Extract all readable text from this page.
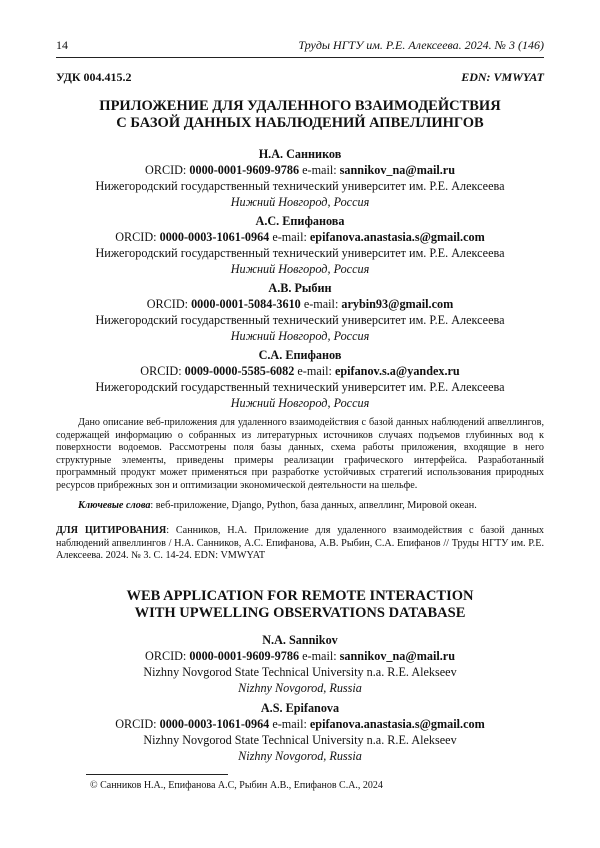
14	Труды НГТУ им. Р.Е. Алексеева. 2024. № 3 (146)
УДК 004.415.2	EDN: VMWYAT
ПРИЛОЖЕНИЕ ДЛЯ УДАЛЕННОГО ВЗАИМОДЕЙСТВИЯ
С БАЗОЙ ДАННЫХ НАБЛЮДЕНИЙ АПВЕЛЛИНГОВ
Н.А. Санников
ORCID: 0000-0001-9609-9786 e-mail: sannikov_na@mail.ru
Нижегородский государственный технический университет им. Р.Е. Алексеева
Нижний Новгород, Россия
А.С. Епифанова
ORCID: 0000-0003-1061-0964 e-mail: epifanova.anastasia.s@gmail.com
Нижегородский государственный технический университет им. Р.Е. Алексеева
Нижний Новгород, Россия
А.В. Рыбин
ORCID: 0000-0001-5084-3610 e-mail: arybin93@gmail.com
Нижегородский государственный технический университет им. Р.Е. Алексеева
Нижний Новгород, Россия
С.А. Епифанов
ORCID: 0009-0000-5585-6082 e-mail: epifanov.s.a@yandex.ru
Нижегородский государственный технический университет им. Р.Е. Алексеева
Нижний Новгород, Россия
Дано описание веб-приложения для удаленного взаимодействия с базой данных наблюдений апвеллингов, содержащей информацию о собранных из литературных источников случаях подъемов глубинных вод к поверхности водоемов. Рассмотрены поля базы данных, схема работы приложения, входящие в него структурные элементы, приведены примеры реализации графического интерфейса. Разработанный программный продукт может применяться при разработке устойчивых стратегий использования природных ресурсов прибрежных зон и оптимизации экономической деятельности на шельфе.
Ключевые слова: веб-приложение, Django, Python, база данных, апвеллинг, Мировой океан.
ДЛЯ ЦИТИРОВАНИЯ: Санников, Н.А. Приложение для удаленного взаимодействия с базой данных наблюдений апвеллингов / Н.А. Санников, А.С. Епифанова, А.В. Рыбин, С.А. Епифанов // Труды НГТУ им. Р.Е. Алексеева. 2024. № 3. С. 14-24. EDN: VMWYAT
WEB APPLICATION FOR REMOTE INTERACTION
WITH UPWELLING OBSERVATIONS DATABASE
N.A. Sannikov
ORCID: 0000-0001-9609-9786 e-mail: sannikov_na@mail.ru
Nizhny Novgorod State Technical University n.a. R.E. Alekseev
Nizhny Novgorod, Russia
A.S. Epifanova
ORCID: 0000-0003-1061-0964 e-mail: epifanova.anastasia.s@gmail.com
Nizhny Novgorod State Technical University n.a. R.E. Alekseev
Nizhny Novgorod, Russia
© Санников Н.А., Епифанова А.С, Рыбин А.В., Епифанов С.А., 2024
